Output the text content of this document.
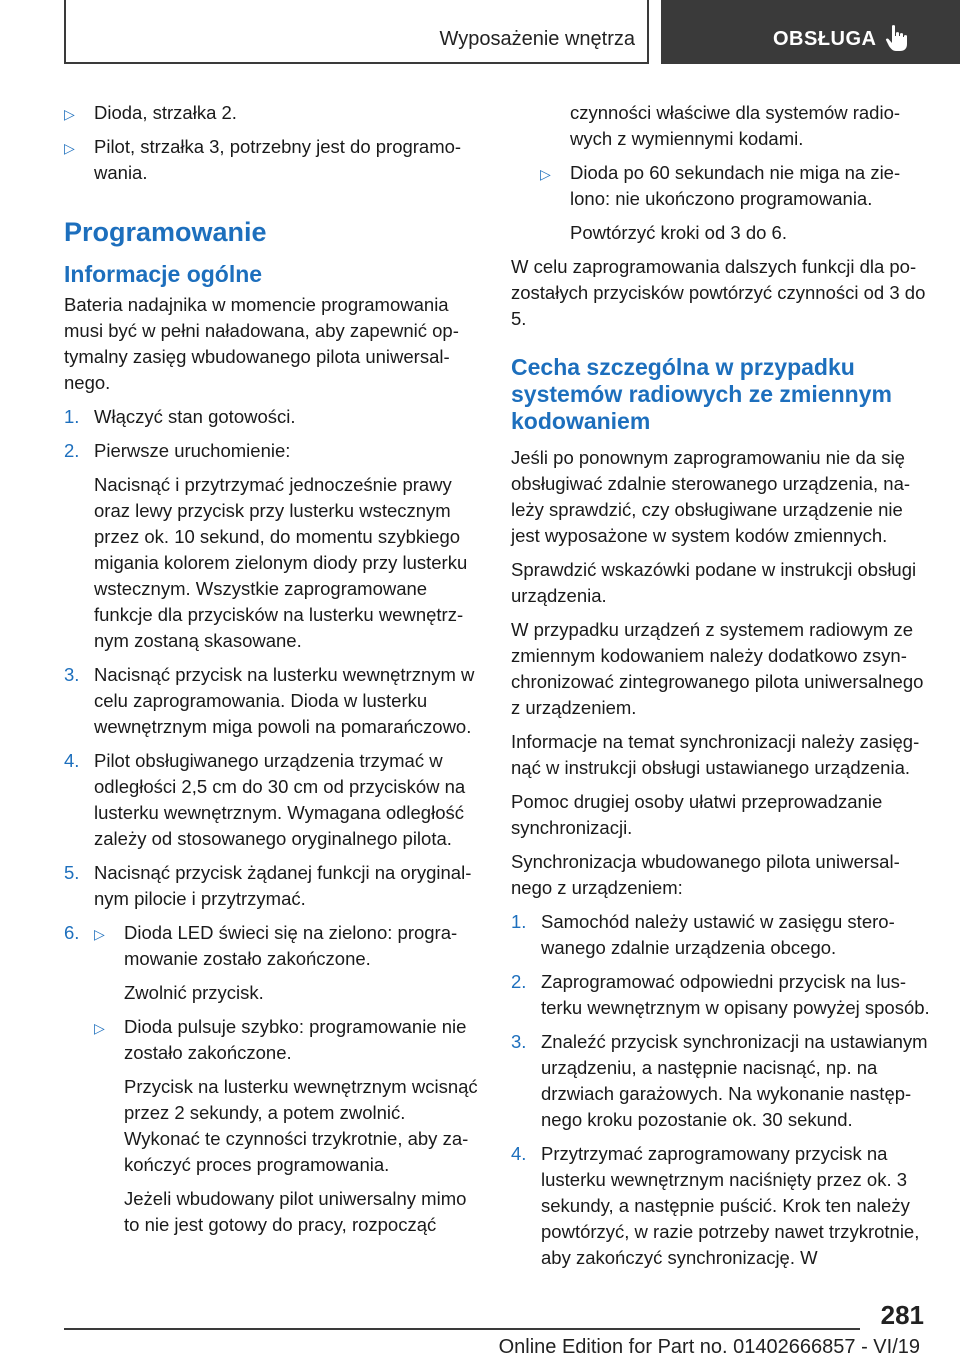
Wyposażenie wnętrza	OBSŁUGA
▷ Dioda, strzałka 2.
▷ Pilot, strzałka 3, potrzebny jest do programowania.
Programowanie
Informacje ogólne

Bateria nadajnika w momencie programowania musi być w pełni naładowana, aby zapewnić optymalny zasięg wbudowanego pilota uniwersalnego.

1. Włączyć stan gotowości.
2. Pierwsze uruchomienie:
Nacisnąć i przytrzymać jednocześnie prawy oraz lewy przycisk przy lusterku wstecznym przez ok. 10 sekund, do momentu szybkiego migania kolorem zielonym diody przy lusterku wstecznym. Wszystkie zaprogramowane funkcje dla przycisków na lusterku wewnętrznym zostaną skasowane.
3. Nacisnąć przycisk na lusterku wewnętrznym w celu zaprogramowania. Dioda w lusterku wewnętrznym miga powoli na pomarańczowo.
4. Pilot obsługiwanego urządzenia trzymać w odległości 2,5 cm do 30 cm od przycisków na lusterku wewnętrznym. Wymagana odległość zależy od stosowanego oryginalnego pilota.
5. Nacisnąć przycisk żądanej funkcji na oryginalnym pilocie i przytrzymać.
6. ▷ Dioda LED świeci się na zielono: programowanie zostało zakończone.
Zwolnić przycisk.
▷ Dioda pulsuje szybko: programowanie nie zostało zakończone.
Przycisk na lusterku wewnętrznym wcisnąć przez 2 sekundy, a potem zwolnić. Wykonać te czynności trzykrotnie, aby zakończyć proces programowania.
Jeżeli wbudowany pilot uniwersalny mimo to nie jest gotowy do pracy, rozpocząć
czynności właściwe dla systemów radiowych z wymiennymi kodami.
▷ Dioda po 60 sekundach nie miga na zielono: nie ukończono programowania.
Powtórzyć kroki od 3 do 6.

W celu zaprogramowania dalszych funkcji dla pozostałych przycisków powtórzyć czynności od 3 do 5.

Cecha szczególna w przypadku systemów radiowych ze zmiennym kodowaniem

Jeśli po ponownym zaprogramowaniu nie da się obsługiwać zdalnie sterowanego urządzenia, należy sprawdzić, czy obsługiwane urządzenie nie jest wyposażone w system kodów zmiennych.

Sprawdzić wskazówki podane w instrukcji obsługi urządzenia.

W przypadku urządzeń z systemem radiowym ze zmiennym kodowaniem należy dodatkowo zsynchronizować zintegrowanego pilota uniwersalnego z urządzeniem.

Informacje na temat synchronizacji należy zasięgnąć w instrukcji obsługi ustawianego urządzenia.

Pomoc drugiej osoby ułatwi przeprowadzanie synchronizacji.

Synchronizacja wbudowanego pilota uniwersalnego z urządzeniem:

1. Samochód należy ustawić w zasięgu sterowanego zdalnie urządzenia obcego.
2. Zaprogramować odpowiedni przycisk na lusterku wewnętrznym w opisany powyżej sposób.
3. Znaleźć przycisk synchronizacji na ustawianym urządzeniu, a następnie nacisnąć, np. na drzwiach garażowych. Na wykonanie następnego kroku pozostanie ok. 30 sekund.
4. Przytrzymać zaprogramowany przycisk na lusterku wewnętrznym naciśnięty przez ok. 3 sekundy, a następnie puścić. Krok ten należy powtórzyć, w razie potrzeby nawet trzykrotnie, aby zakończyć synchronizację. W
281
Online Edition for Part no. 01402666857 - VI/19
